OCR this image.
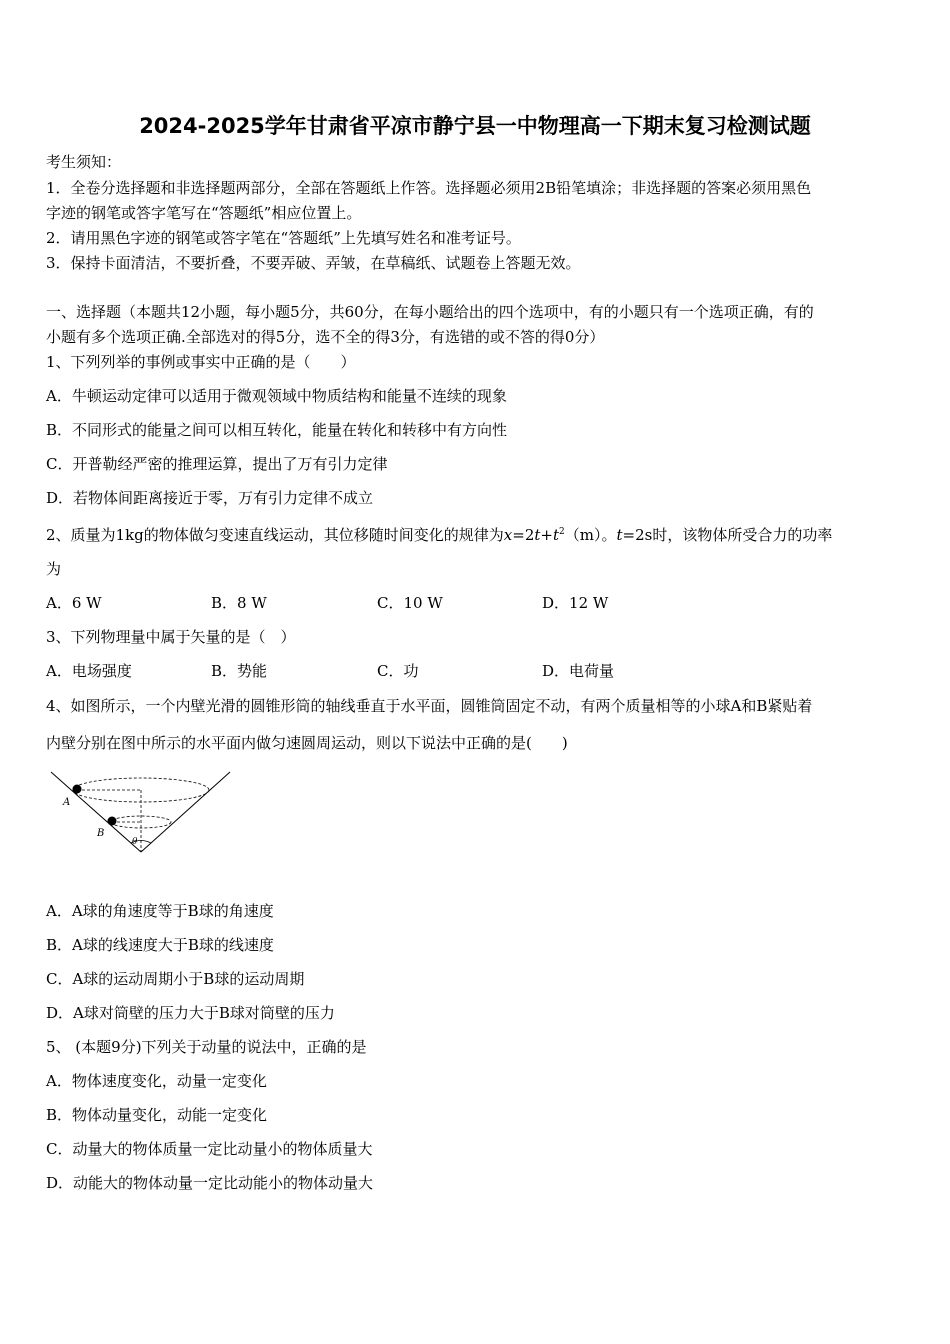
2024-2025学年甘肃省平凉市静宁县一中物理高一下期末复习检测试题
考生须知：
1．全卷分选择题和非选择题两部分，全部在答题纸上作答。选择题必须用2B铅笔填涂；非选择题的答案必须用黑色
字迹的钢笔或答字笔写在“答题纸”相应位置上。
2．请用黑色字迹的钢笔或答字笔在“答题纸”上先填写姓名和准考证号。
3．保持卡面清洁，不要折叠，不要弄破、弄皱，在草稿纸、试题卷上答题无效。
一、选择题（本题共12小题，每小题5分，共60分，在每小题给出的四个选项中，有的小题只有一个选项正确，有的
小题有多个选项正确.全部选对的得5分，选不全的得3分，有选错的或不答的得0分）
1、下列列举的事例或事实中正确的是（　　）
A．牛顿运动定律可以适用于微观领域中物质结构和能量不连续的现象
B．不同形式的能量之间可以相互转化，能量在转化和转移中有方向性
C．开普勒经严密的推理运算，提出了万有引力定律
D．若物体间距离接近于零，万有引力定律不成立
2、质量为1kg的物体做匀变速直线运动，其位移随时间变化的规律为$x=2t+t^2(m)$。t=2s时，该物体所受合力的功率
为
A．6 W	B．8 W	C．10 W	D．12 W
3、下列物理量中属于矢量的是（　）
A．电场强度	B．势能	C．功	D．电荷量
4、如图所示，一个内壁光滑的圆锥形筒的轴线垂直于水平面，圆锥筒固定不动，有两个质量相等的小球A和B紧贴着
内壁分别在图中所示的水平面内做匀速圆周运动，则以下说法中正确的是(　　)
A
B
θ
A．A球的角速度等于B球的角速度
B．A球的线速度大于B球的线速度
C．A球的运动周期小于B球的运动周期
D．A球对筒壁的压力大于B球对筒壁的压力
5、 (本题9分)下列关于动量的说法中，正确的是
A．物体速度变化，动量一定变化
B．物体动量变化，动能一定变化
C．动量大的物体质量一定比动量小的物体质量大
D．动能大的物体动量一定比动能小的物体动量大
